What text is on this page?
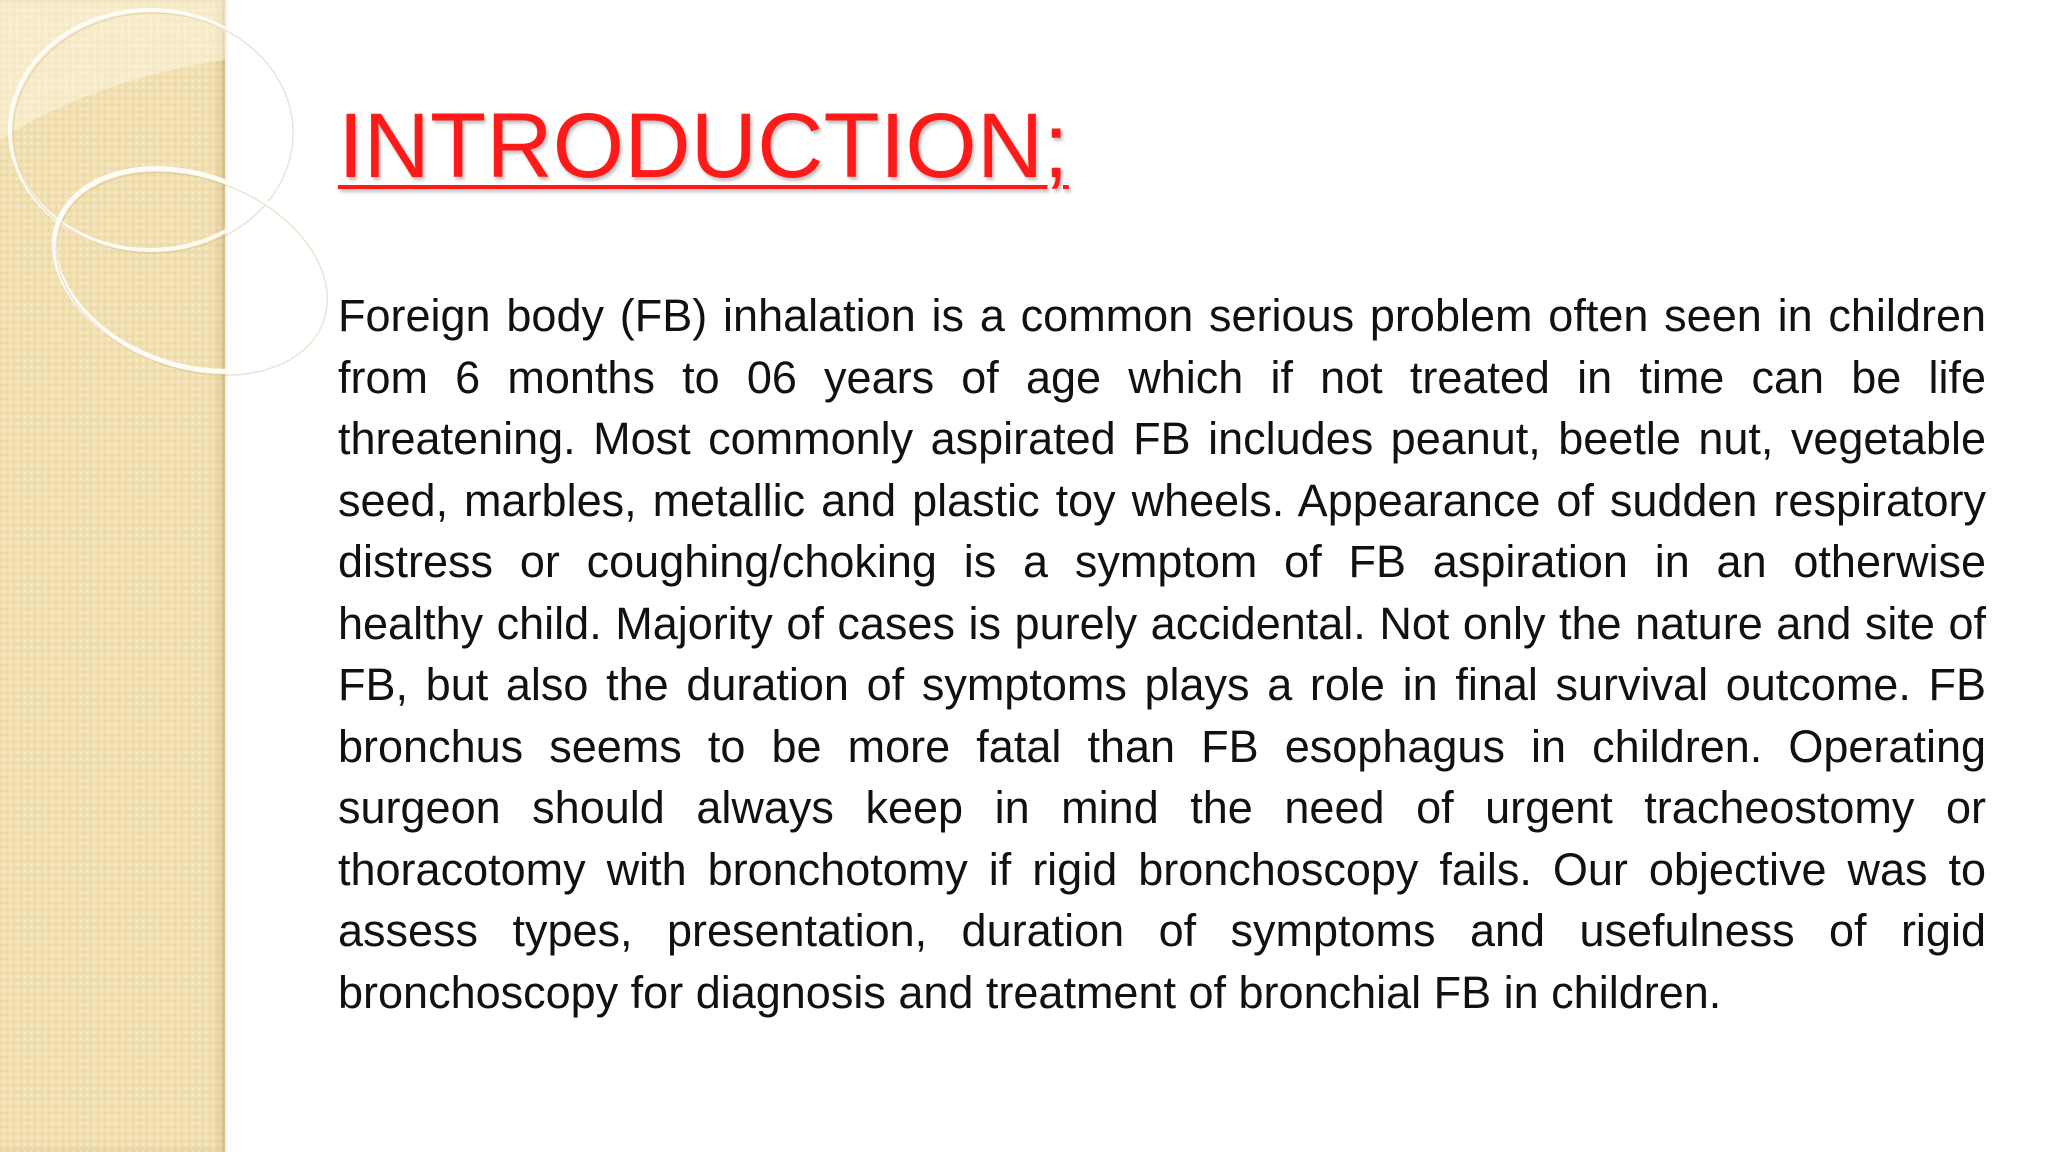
INTRODUCTION;

Foreign body (FB) inhalation is a common serious problem often seen in children from 6 months to 06 years of age which if not treated in time can be life threatening. Most commonly aspirated FB includes peanut, beetle nut, vegetable seed, marbles, metallic and plastic toy wheels. Appearance of sudden respiratory distress or coughing/choking is a symptom of FB aspiration in an otherwise healthy child. Majority of cases is purely accidental. Not only the nature and site of FB, but also the duration of symptoms plays a role in final survival outcome. FB bronchus seems to be more fatal than FB esophagus in children. Operating surgeon should always keep in mind the need of urgent tracheostomy or thoracotomy with bronchotomy if rigid bronchoscopy fails. Our objective was to assess types, presentation, duration of symptoms and usefulness of rigid bronchoscopy for diagnosis and treatment of bronchial FB in children.
